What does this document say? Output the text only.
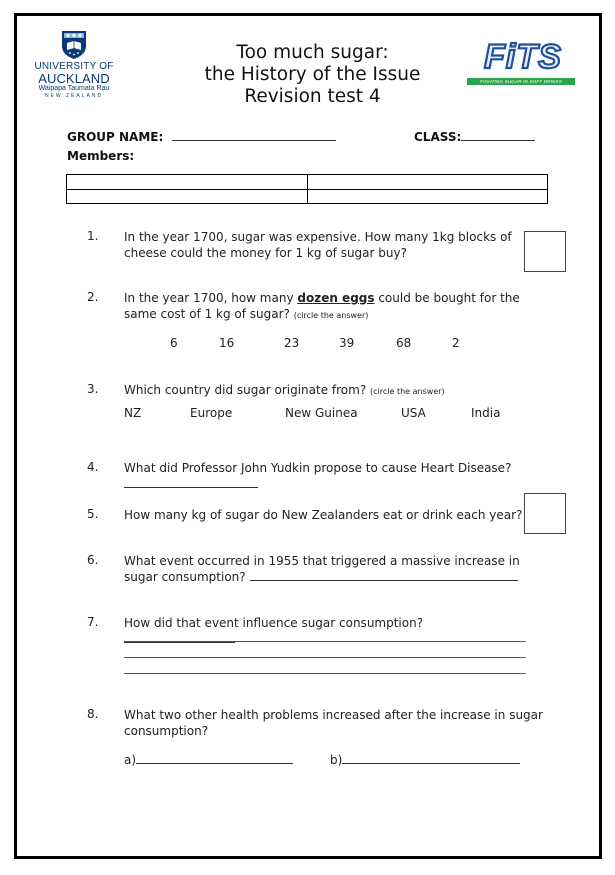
UNIVERSITY OF
AUCKLAND
Waipapa Taumata Rau
NEW ZEALAND
Too much sugar:
the History of the Issue
Revision test 4
FiTS
FIGHTING SUGAR IN SOFT DRINKS
GROUP NAME:	CLASS:
Members:

1. In the year 1700, sugar was expensive. How many 1kg blocks of
cheese could the money for 1 kg of sugar buy?
2. In the year 1700, how many dozen eggs could be bought for the
same cost of 1 kg of sugar? (circle the answer)
6	16	23	39	68	2
3. Which country did sugar originate from? (circle the answer)
NZ	Europe	New Guinea	USA	India
4. What did Professor John Yudkin propose to cause Heart Disease?
5. How many kg of sugar do New Zealanders eat or drink each year?
6. What event occurred in 1955 that triggered a massive increase in
sugar consumption?
7. How did that event influence sugar consumption?
8. What two other health problems increased after the increase in sugar
consumption?
a)	b)
